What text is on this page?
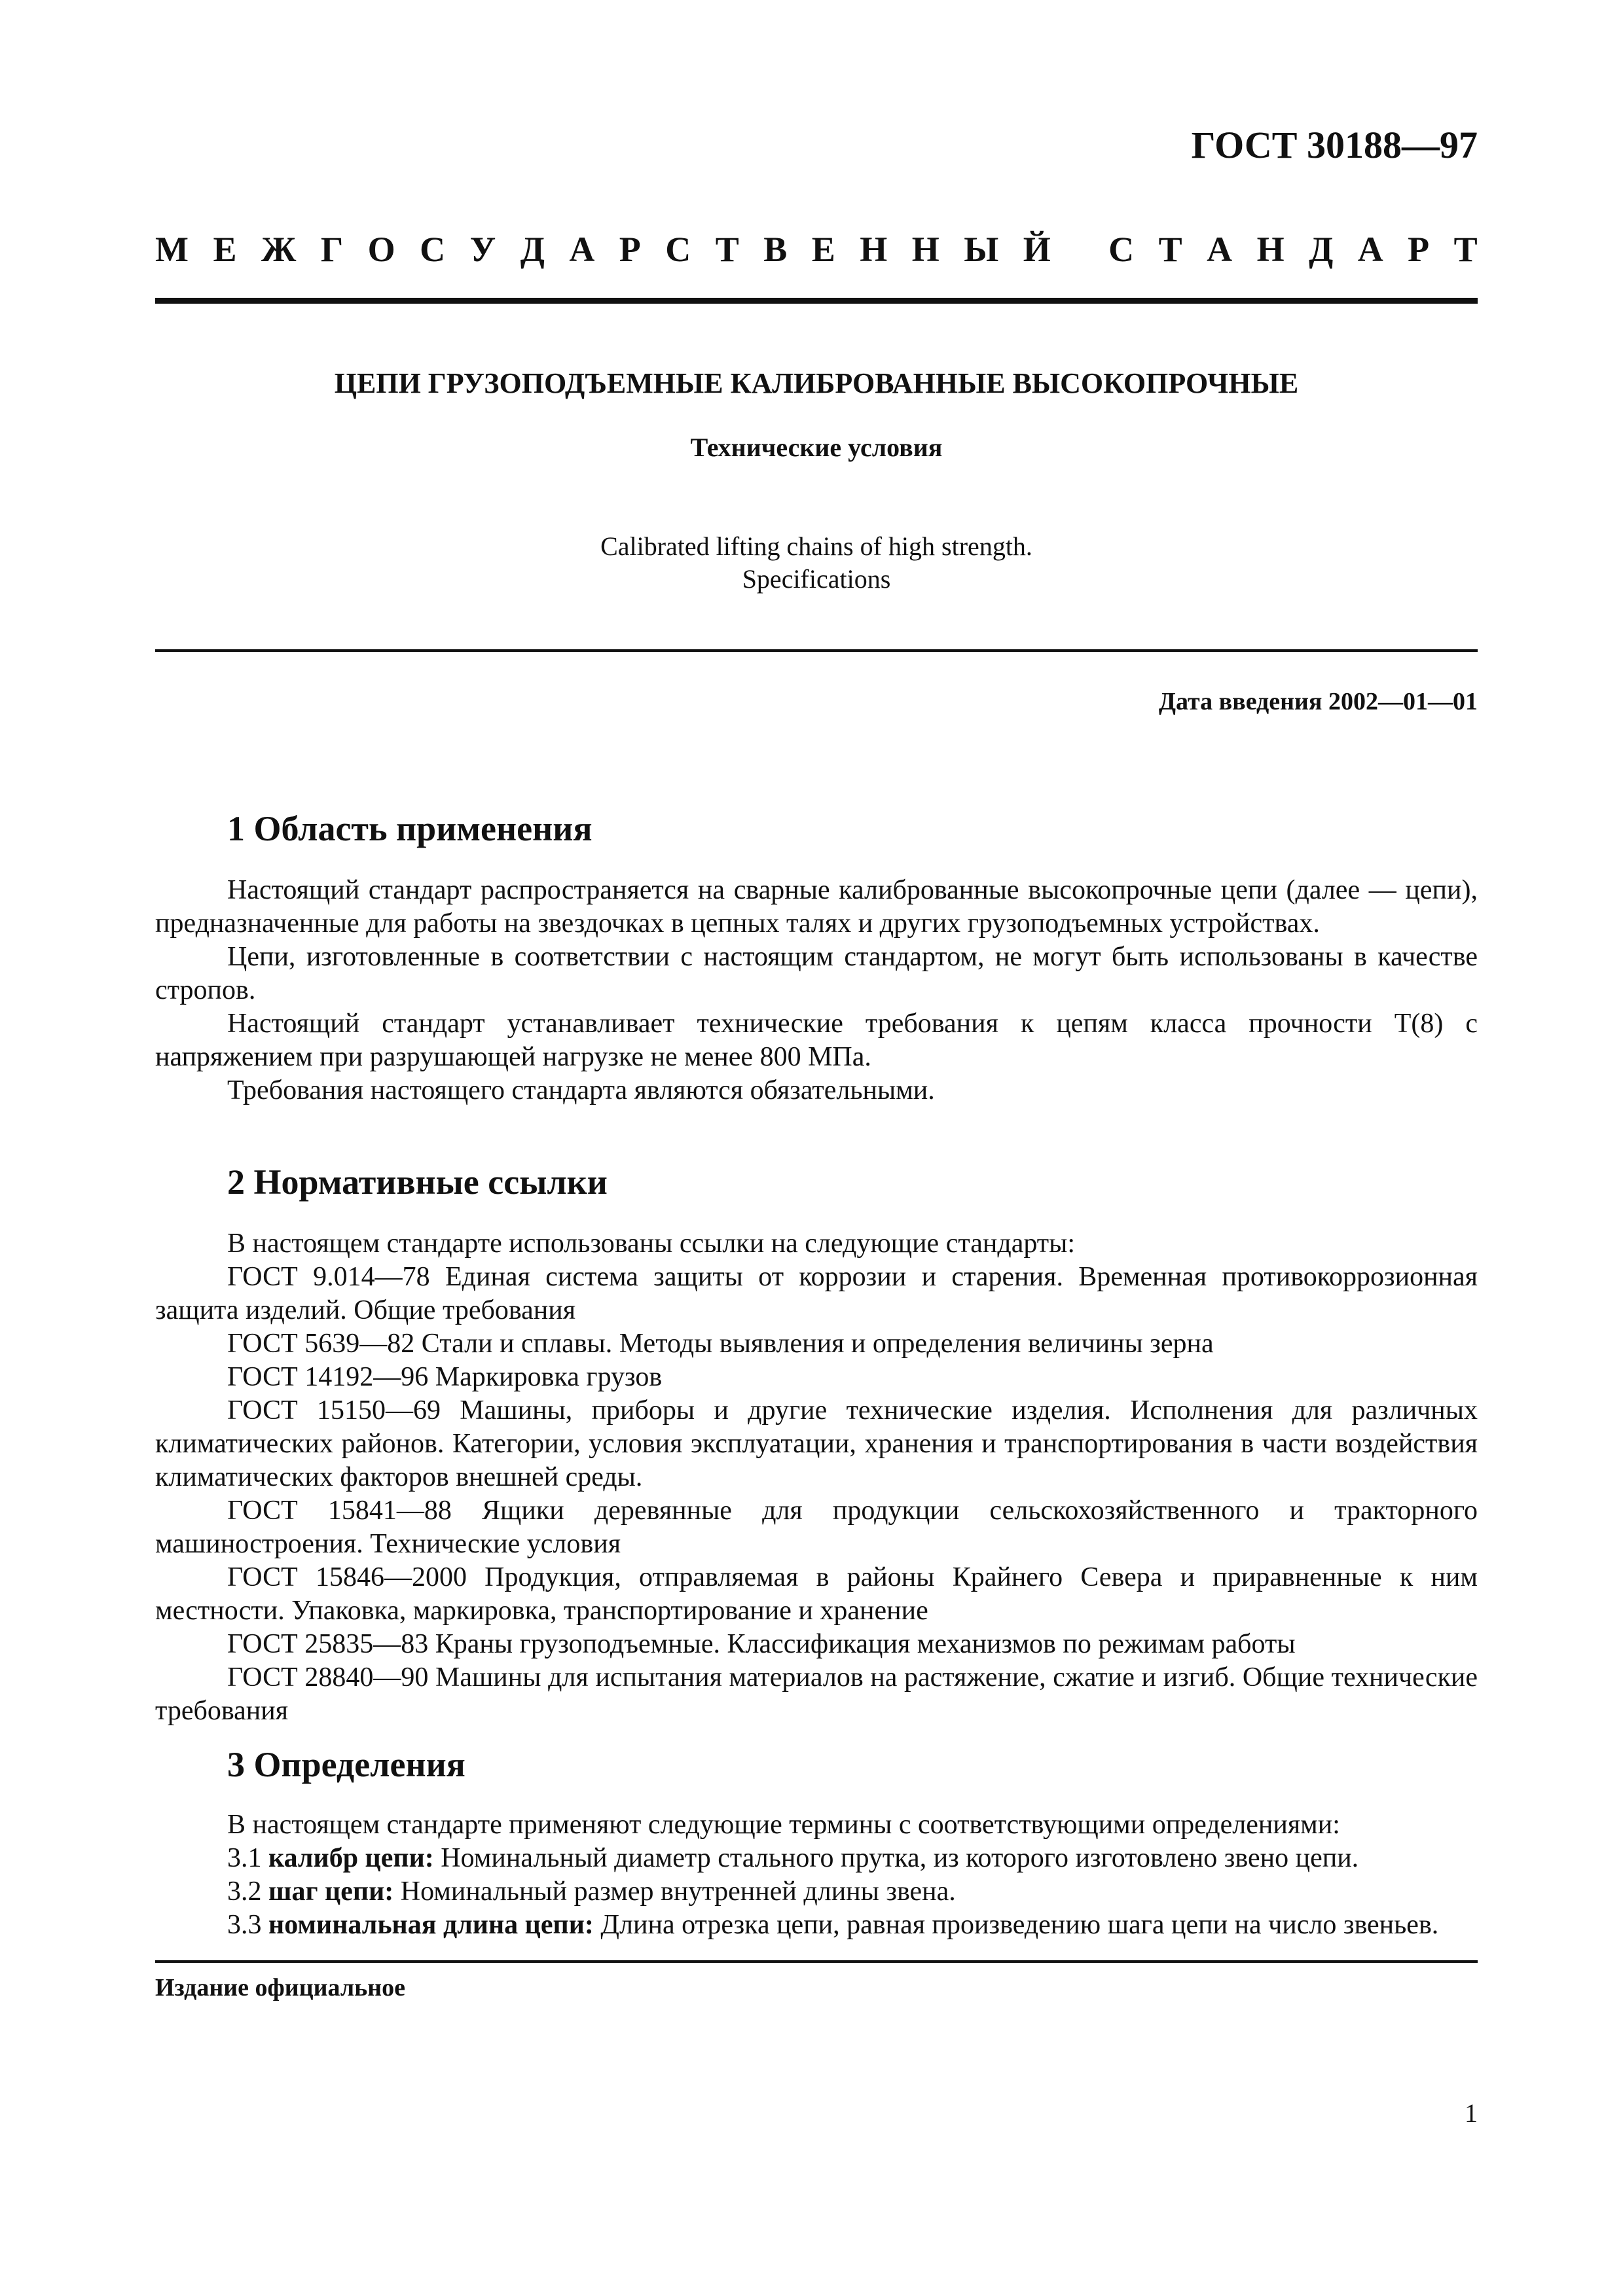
ГОСТ 30188—97
М Е Ж Г О С У Д А Р С Т В Е Н Н Ы Й
С Т А Н Д А Р Т
ЦЕПИ ГРУЗОПОДЪЕМНЫЕ КАЛИБРОВАННЫЕ ВЫСОКОПРОЧНЫЕ
Технические условия
Calibrated lifting chains of high strength.
Specifications
Дата введения 2002—01—01
1 Область применения

Настоящий стандарт распространяется на сварные калиброванные высокопрочные цепи (далее — цепи), предназначенные для работы на звездочках в цепных талях и других грузоподъемных устройствах.

Цепи, изготовленные в соответствии с настоящим стандартом, не могут быть использованы в качестве стропов.

Настоящий стандарт устанавливает технические требования к цепям класса прочности T(8) с напряжением при разрушающей нагрузке не менее 800 МПа.

Требования настоящего стандарта являются обязательными.

2 Нормативные ссылки

В настоящем стандарте использованы ссылки на следующие стандарты:

ГОСТ 9.014—78 Единая система защиты от коррозии и старения. Временная противокоррозионная защита изделий. Общие требования

ГОСТ 5639—82 Стали и сплавы. Методы выявления и определения величины зерна

ГОСТ 14192—96 Маркировка грузов

ГОСТ 15150—69 Машины, приборы и другие технические изделия. Исполнения для различных климатических районов. Категории, условия эксплуатации, хранения и транспортирования в части воздействия климатических факторов внешней среды.

ГОСТ 15841—88 Ящики деревянные для продукции сельскохозяйственного и тракторного машиностроения. Технические условия

ГОСТ 15846—2000 Продукция, отправляемая в районы Крайнего Севера и приравненные к ним местности. Упаковка, маркировка, транспортирование и хранение

ГОСТ 25835—83 Краны грузоподъемные. Классификация механизмов по режимам работы

ГОСТ 28840—90 Машины для испытания материалов на растяжение, сжатие и изгиб. Общие технические требования

3 Определения

В настоящем стандарте применяют следующие термины с соответствующими определениями:

3.1 калибр цепи: Номинальный диаметр стального прутка, из которого изготовлено звено цепи.

3.2 шаг цепи: Номинальный размер внутренней длины звена.

3.3 номинальная длина цепи: Длина отрезка цепи, равная произведению шага цепи на число звеньев.

Издание официальное
1
